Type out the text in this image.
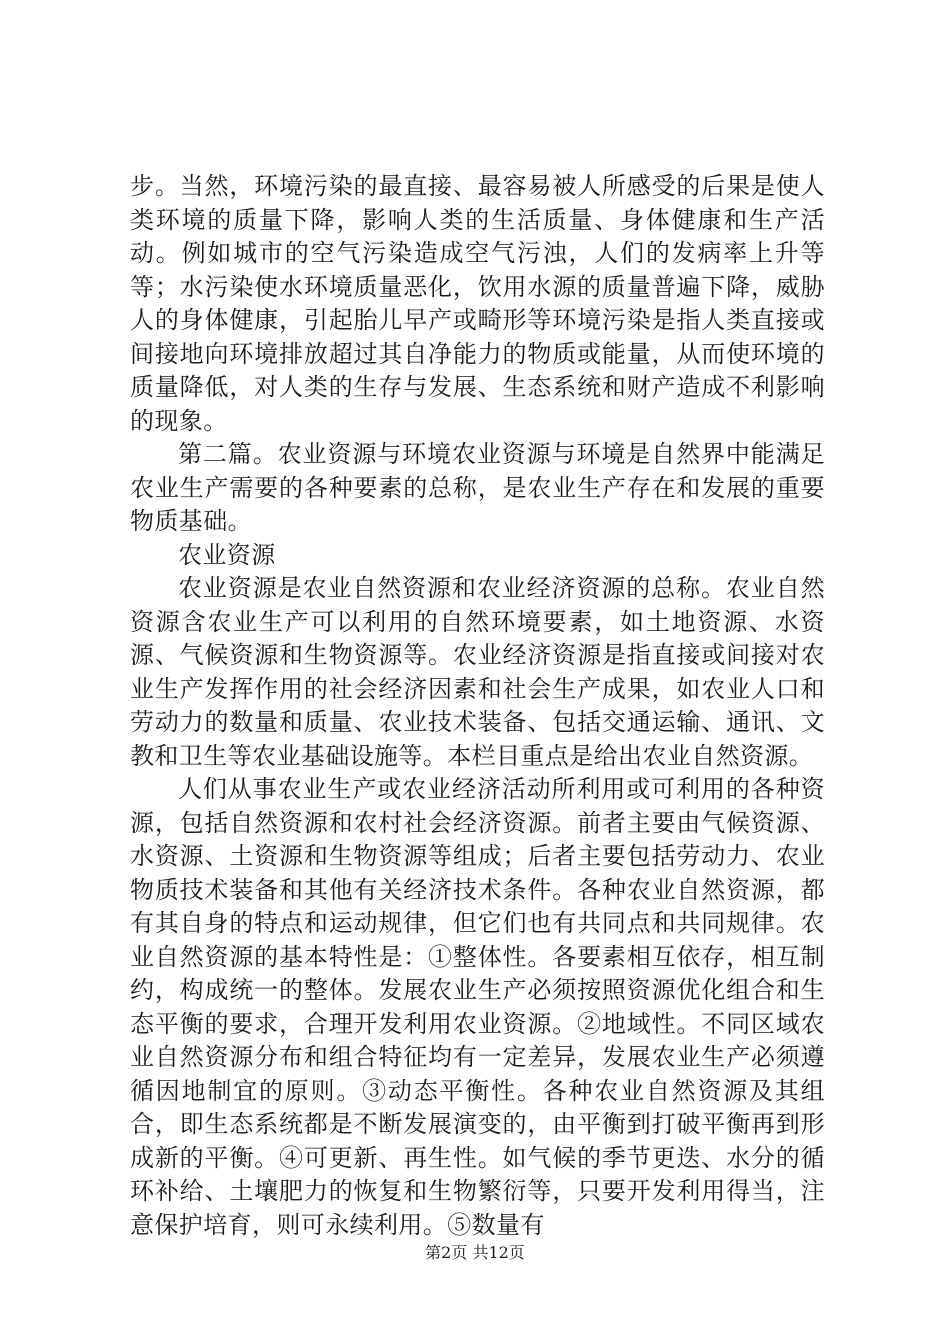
步。当然，环境污染的最直接、最容易被人所感受的后果是使人类环境的质量下降，影响人类的生活质量、身体健康和生产活动。例如城市的空气污染造成空气污浊，人们的发病率上升等等；水污染使水环境质量恶化，饮用水源的质量普遍下降，威胁人的身体健康，引起胎儿早产或畸形等环境污染是指人类直接或间接地向环境排放超过其自净能力的物质或能量，从而使环境的质量降低，对人类的生存与发展、生态系统和财产造成不利影响的现象。

第二篇。农业资源与环境农业资源与环境是自然界中能满足农业生产需要的各种要素的总称，是农业生产存在和发展的重要物质基础。

农业资源

农业资源是农业自然资源和农业经济资源的总称。农业自然资源含农业生产可以利用的自然环境要素，如土地资源、水资源、气候资源和生物资源等。农业经济资源是指直接或间接对农业生产发挥作用的社会经济因素和社会生产成果，如农业人口和劳动力的数量和质量、农业技术装备、包括交通运输、通讯、文教和卫生等农业基础设施等。本栏目重点是给出农业自然资源。

人们从事农业生产或农业经济活动所利用或可利用的各种资源，包括自然资源和农村社会经济资源。前者主要由气候资源、水资源、土资源和生物资源等组成；后者主要包括劳动力、农业物质技术装备和其他有关经济技术条件。各种农业自然资源，都有其自身的特点和运动规律，但它们也有共同点和共同规律。农业自然资源的基本特性是：①整体性。各要素相互依存，相互制约，构成统一的整体。发展农业生产必须按照资源优化组合和生态平衡的要求，合理开发利用农业资源。②地域性。不同区域农业自然资源分布和组合特征均有一定差异，发展农业生产必须遵循因地制宜的原则。③动态平衡性。各种农业自然资源及其组合，即生态系统都是不断发展演变的，由平衡到打破平衡再到形成新的平衡。④可更新、再生性。如气候的季节更迭、水分的循环补给、土壤肥力的恢复和生物繁衍等，只要开发利用得当，注意保护培育，则可永续利用。⑤数量有

第2页 共12页
